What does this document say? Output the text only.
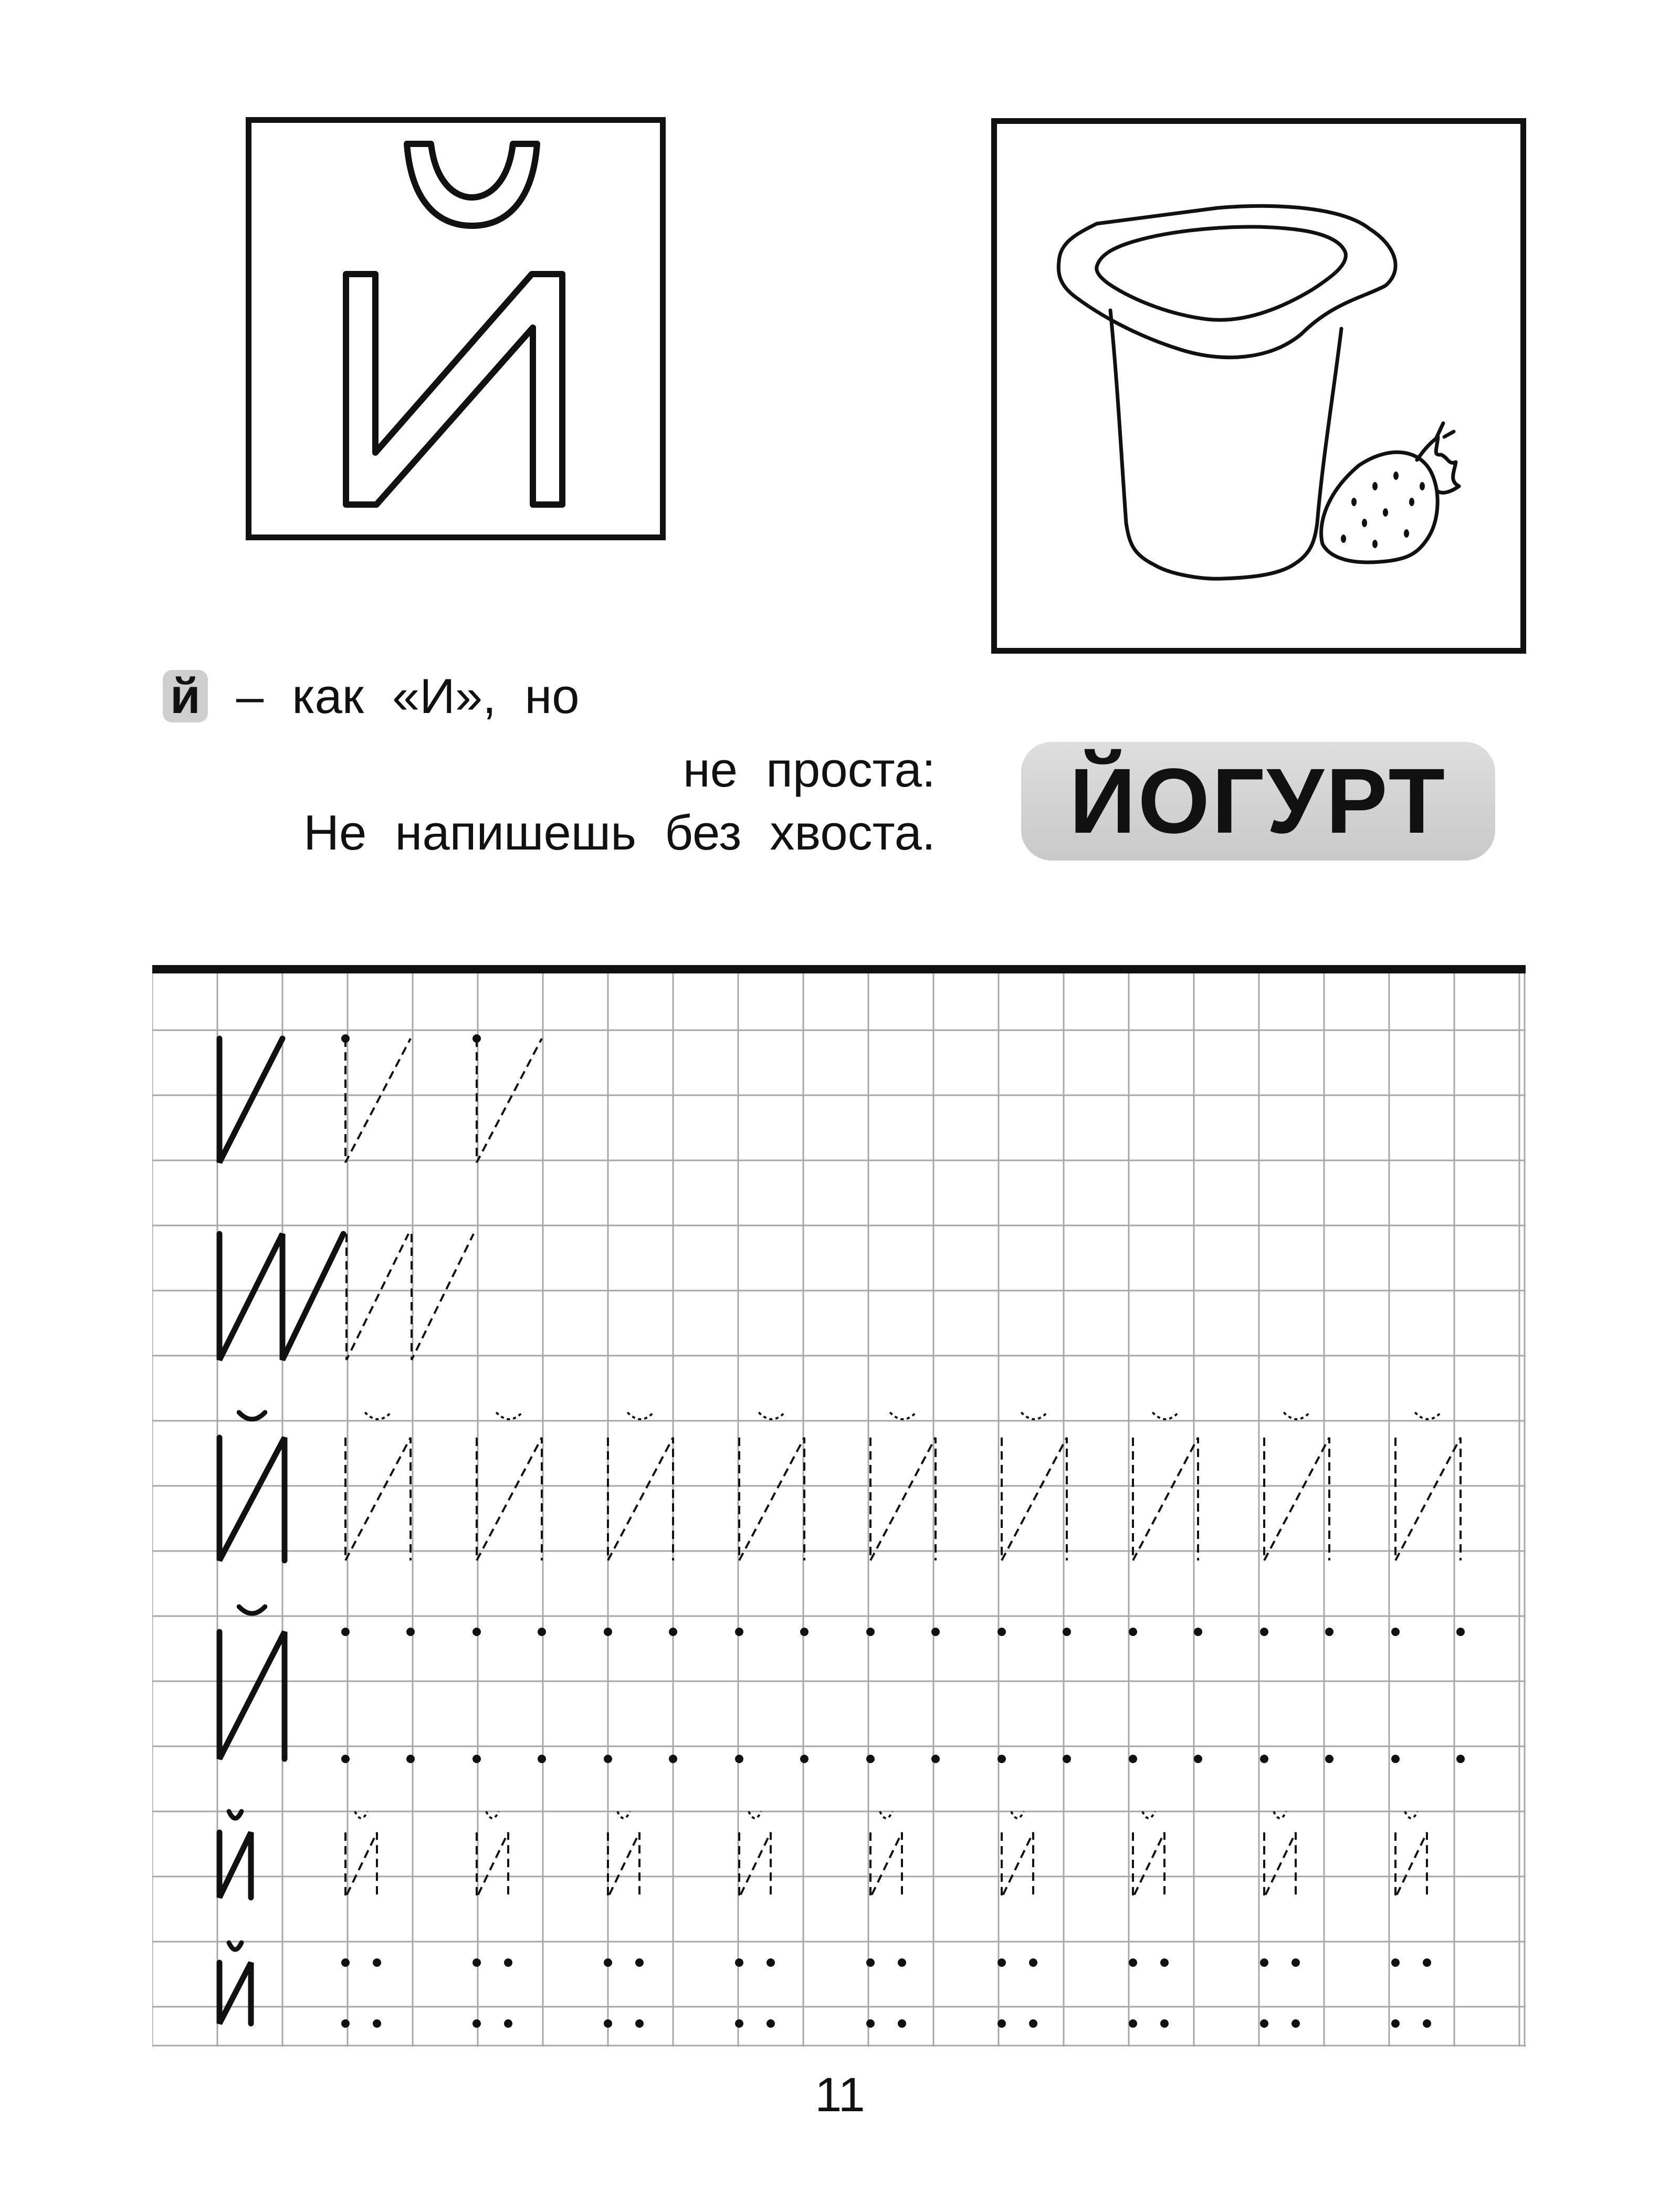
й – как «И», но
не проста:
Не напишешь без хвоста.	ЙОГУРТ
11
